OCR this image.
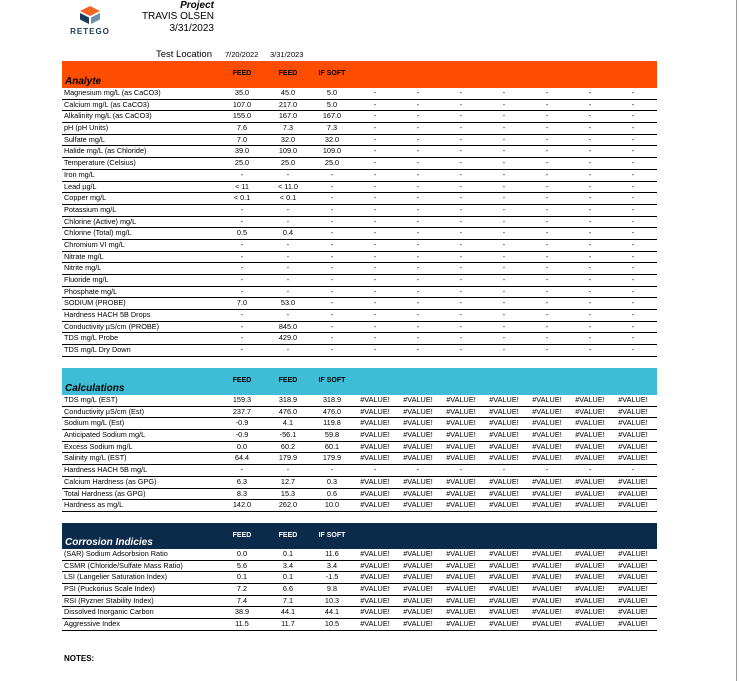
RETEGO
Project
TRAVIS OLSEN
3/31/2023
Test Location 7/20/2022 3/31/2023
Analyte
FEED	FEED	IF SOFT
Magnesium mg/L (as CaCO3)	35.0	45.0	5.0	-	-	-	-	-	-	-
Calcium mg/L (as CaCO3)	107.0	217.0	5.0	-	-	-	-	-	-	-
Alkalinity mg/L (as CaCO3)	155.0	167.0	167.0	-	-	-	-	-	-	-
pH (pH Units)	7.6	7.3	7.3	-	-	-	-	-	-	-
Sulfate mg/L	7.0	32.0	32.0	-	-	-	-	-	-	-
Halide mg/L (as Chloride)	39.0	109.0	109.0	-	-	-	-	-	-	-
Temperature (Celsius)	25.0	25.0	25.0	-	-	-	-	-	-	-
Iron mg/L	-	-	-	-	-	-	-	-	-	-
Lead µg/L	< 11	< 11.0	-	-	-	-	-	-	-	-
Copper mg/L	< 0.1	< 0.1	-	-	-	-	-	-	-	-
Potassium mg/L	-	-	-	-	-	-	-	-	-	-
Chlorine (Active) mg/L	-	-	-	-	-	-	-	-	-	-
Chlorine (Total) mg/L	0.5	0.4	-	-	-	-	-	-	-	-
Chromium VI mg/L	-	-	-	-	-	-	-	-	-	-
Nitrate mg/L	-	-	-	-	-	-	-	-	-	-
Nitrite mg/L	-	-	-	-	-	-	-	-	-	-
Fluoride mg/L	-	-	-	-	-	-	-	-	-	-
Phosphate mg/L	-	-	-	-	-	-	-	-	-	-
SODIUM (PROBE)	7.0	53.0	-	-	-	-	-	-	-	-
Hardness HACH 5B Drops	-	-	-	-	-	-	-	-	-	-
Conductivity µS/cm (PROBE)	-	845.0	-	-	-	-	-	-	-	-
TDS mg/L Probe	-	429.0	-	-	-	-	-	-	-	-
TDS mg/L Dry Down	-	-	-	-	-	-	-	-	-	-
Calculations
FEED	FEED	IF SOFT
TDS mg/L (EST)	159.3	318.9	318.9	#VALUE!	#VALUE!	#VALUE!	#VALUE!	#VALUE!	#VALUE!	#VALUE!
Conductivity µS/cm (Est)	237.7	476.0	476.0	#VALUE!	#VALUE!	#VALUE!	#VALUE!	#VALUE!	#VALUE!	#VALUE!
Sodium mg/L (Est)	-0.9	4.1	119.8	#VALUE!	#VALUE!	#VALUE!	#VALUE!	#VALUE!	#VALUE!	#VALUE!
Anticipated Sodium mg/L	-0.9	-56.1	59.8	#VALUE!	#VALUE!	#VALUE!	#VALUE!	#VALUE!	#VALUE!	#VALUE!
Excess Sodium mg/L	0.0	60.2	60.1	#VALUE!	#VALUE!	#VALUE!	#VALUE!	#VALUE!	#VALUE!	#VALUE!
Salinity mg/L (EST)	64.4	179.9	179.9	#VALUE!	#VALUE!	#VALUE!	#VALUE!	#VALUE!	#VALUE!	#VALUE!
Hardness HACH 5B mg/L	-	-	-	-	-	-	-	-	-	-
Calcium Hardness (as GPG)	6.3	12.7	0.3	#VALUE!	#VALUE!	#VALUE!	#VALUE!	#VALUE!	#VALUE!	#VALUE!
Total Hardness (as GPG)	8.3	15.3	0.6	#VALUE!	#VALUE!	#VALUE!	#VALUE!	#VALUE!	#VALUE!	#VALUE!
Hardness as mg/L	142.0	262.0	10.0	#VALUE!	#VALUE!	#VALUE!	#VALUE!	#VALUE!	#VALUE!	#VALUE!
Corrosion Indicies
FEED	FEED	IF SOFT
(SAR) Sodium Adsorbsion Ratio	0.0	0.1	11.6	#VALUE!	#VALUE!	#VALUE!	#VALUE!	#VALUE!	#VALUE!	#VALUE!
CSMR (Chloride/Sulfate Mass Ratio)	5.6	3.4	3.4	#VALUE!	#VALUE!	#VALUE!	#VALUE!	#VALUE!	#VALUE!	#VALUE!
LSI (Langelier Saturation Index)	0.1	0.1	-1.5	#VALUE!	#VALUE!	#VALUE!	#VALUE!	#VALUE!	#VALUE!	#VALUE!
PSI (Puckorius Scale Index)	7.2	6.6	9.8	#VALUE!	#VALUE!	#VALUE!	#VALUE!	#VALUE!	#VALUE!	#VALUE!
RSI (Ryzner Stability Index)	7.4	7.1	10.3	#VALUE!	#VALUE!	#VALUE!	#VALUE!	#VALUE!	#VALUE!	#VALUE!
Dissolved Inorganic Carbon	38.9	44.1	44.1	#VALUE!	#VALUE!	#VALUE!	#VALUE!	#VALUE!	#VALUE!	#VALUE!
Aggressive Index	11.5	11.7	10.5	#VALUE!	#VALUE!	#VALUE!	#VALUE!	#VALUE!	#VALUE!	#VALUE!
NOTES:
